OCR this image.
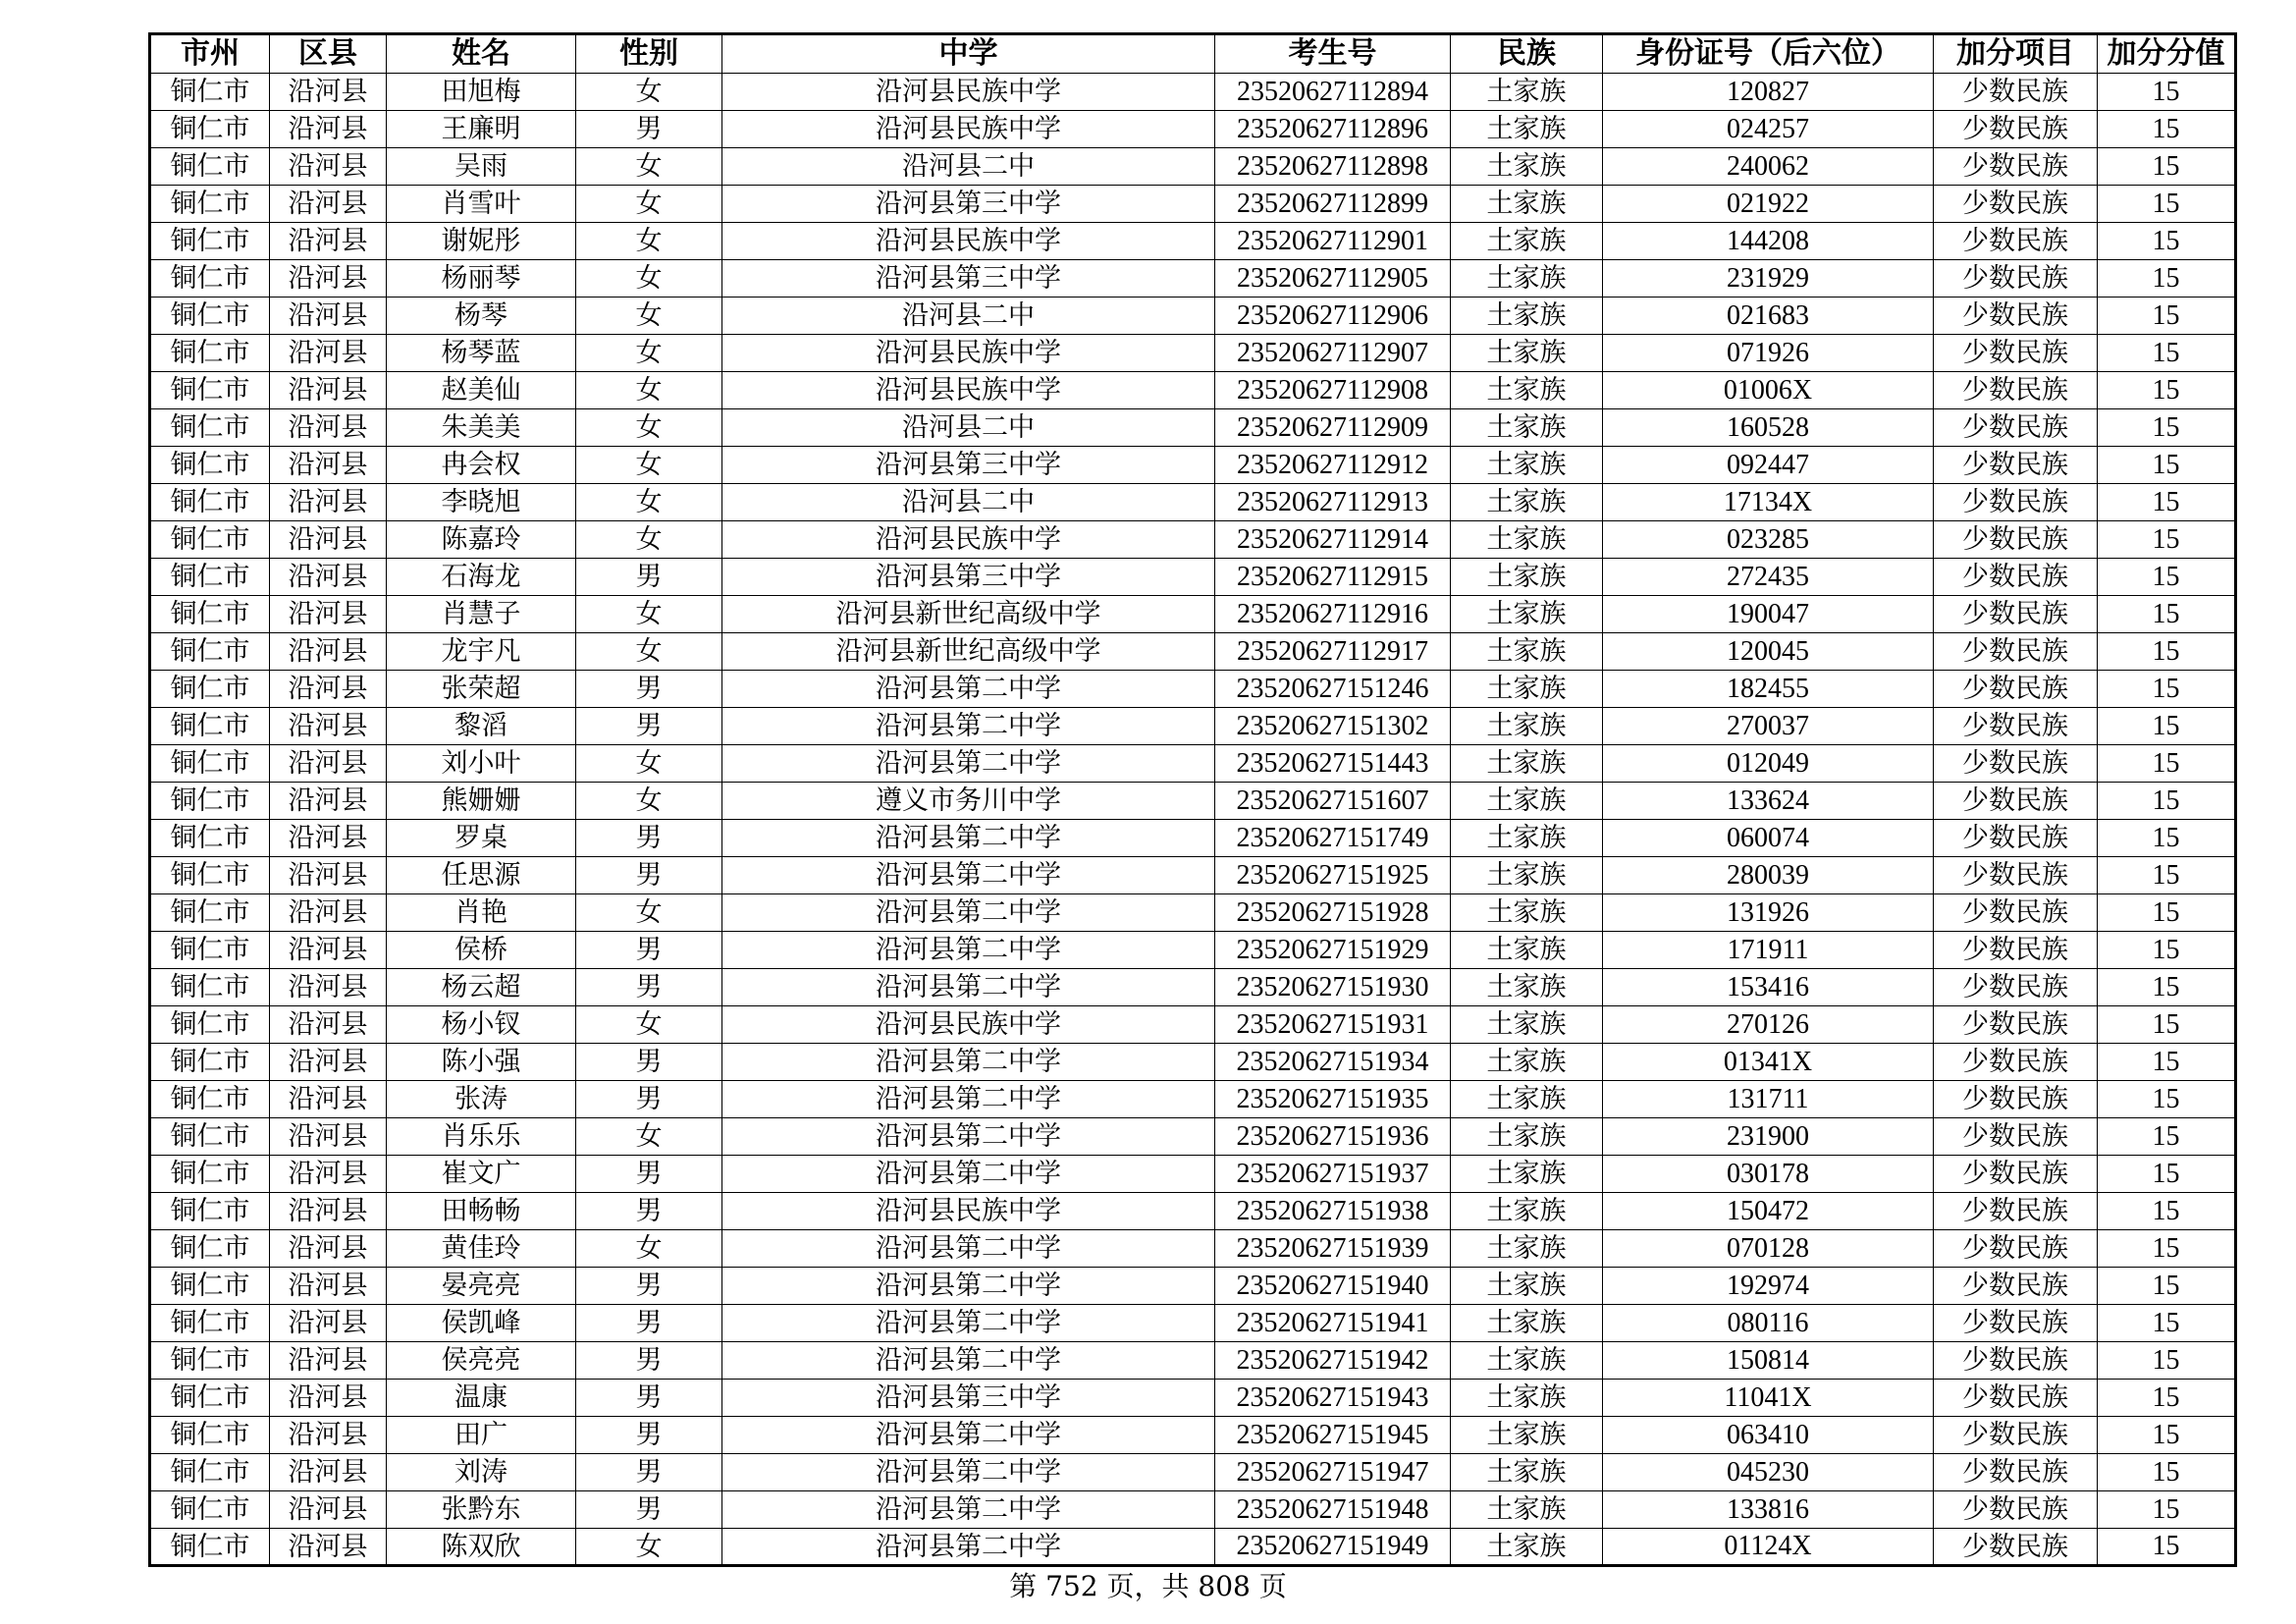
市州	区县	姓名	性别	中学	考生号	民族	身份证号（后六位）	加分项目	加分分值
铜仁市	沿河县	田旭梅	女	沿河县民族中学	23520627112894	土家族	120827	少数民族	15
铜仁市	沿河县	王廉明	男	沿河县民族中学	23520627112896	土家族	024257	少数民族	15
铜仁市	沿河县	吴雨	女	沿河县二中	23520627112898	土家族	240062	少数民族	15
铜仁市	沿河县	肖雪叶	女	沿河县第三中学	23520627112899	土家族	021922	少数民族	15
铜仁市	沿河县	谢妮彤	女	沿河县民族中学	23520627112901	土家族	144208	少数民族	15
铜仁市	沿河县	杨丽琴	女	沿河县第三中学	23520627112905	土家族	231929	少数民族	15
铜仁市	沿河县	杨琴	女	沿河县二中	23520627112906	土家族	021683	少数民族	15
铜仁市	沿河县	杨琴蓝	女	沿河县民族中学	23520627112907	土家族	071926	少数民族	15
铜仁市	沿河县	赵美仙	女	沿河县民族中学	23520627112908	土家族	01006X	少数民族	15
铜仁市	沿河县	朱美美	女	沿河县二中	23520627112909	土家族	160528	少数民族	15
铜仁市	沿河县	冉会权	女	沿河县第三中学	23520627112912	土家族	092447	少数民族	15
铜仁市	沿河县	李晓旭	女	沿河县二中	23520627112913	土家族	17134X	少数民族	15
铜仁市	沿河县	陈嘉玲	女	沿河县民族中学	23520627112914	土家族	023285	少数民族	15
铜仁市	沿河县	石海龙	男	沿河县第三中学	23520627112915	土家族	272435	少数民族	15
铜仁市	沿河县	肖慧子	女	沿河县新世纪高级中学	23520627112916	土家族	190047	少数民族	15
铜仁市	沿河县	龙宇凡	女	沿河县新世纪高级中学	23520627112917	土家族	120045	少数民族	15
铜仁市	沿河县	张荣超	男	沿河县第二中学	23520627151246	土家族	182455	少数民族	15
铜仁市	沿河县	黎滔	男	沿河县第二中学	23520627151302	土家族	270037	少数民族	15
铜仁市	沿河县	刘小叶	女	沿河县第二中学	23520627151443	土家族	012049	少数民族	15
铜仁市	沿河县	熊姗姗	女	遵义市务川中学	23520627151607	土家族	133624	少数民族	15
铜仁市	沿河县	罗桌	男	沿河县第二中学	23520627151749	土家族	060074	少数民族	15
铜仁市	沿河县	任思源	男	沿河县第二中学	23520627151925	土家族	280039	少数民族	15
铜仁市	沿河县	肖艳	女	沿河县第二中学	23520627151928	土家族	131926	少数民族	15
铜仁市	沿河县	侯桥	男	沿河县第二中学	23520627151929	土家族	171911	少数民族	15
铜仁市	沿河县	杨云超	男	沿河县第二中学	23520627151930	土家族	153416	少数民族	15
铜仁市	沿河县	杨小钗	女	沿河县民族中学	23520627151931	土家族	270126	少数民族	15
铜仁市	沿河县	陈小强	男	沿河县第二中学	23520627151934	土家族	01341X	少数民族	15
铜仁市	沿河县	张涛	男	沿河县第二中学	23520627151935	土家族	131711	少数民族	15
铜仁市	沿河县	肖乐乐	女	沿河县第二中学	23520627151936	土家族	231900	少数民族	15
铜仁市	沿河县	崔文广	男	沿河县第二中学	23520627151937	土家族	030178	少数民族	15
铜仁市	沿河县	田畅畅	男	沿河县民族中学	23520627151938	土家族	150472	少数民族	15
铜仁市	沿河县	黄佳玲	女	沿河县第二中学	23520627151939	土家族	070128	少数民族	15
铜仁市	沿河县	晏亮亮	男	沿河县第二中学	23520627151940	土家族	192974	少数民族	15
铜仁市	沿河县	侯凯峰	男	沿河县第二中学	23520627151941	土家族	080116	少数民族	15
铜仁市	沿河县	侯亮亮	男	沿河县第二中学	23520627151942	土家族	150814	少数民族	15
铜仁市	沿河县	温康	男	沿河县第三中学	23520627151943	土家族	11041X	少数民族	15
铜仁市	沿河县	田广	男	沿河县第二中学	23520627151945	土家族	063410	少数民族	15
铜仁市	沿河县	刘涛	男	沿河县第二中学	23520627151947	土家族	045230	少数民族	15
铜仁市	沿河县	张黔东	男	沿河县第二中学	23520627151948	土家族	133816	少数民族	15
铜仁市	沿河县	陈双欣	女	沿河县第二中学	23520627151949	土家族	01124X	少数民族	15
第 752 页，共 808 页
